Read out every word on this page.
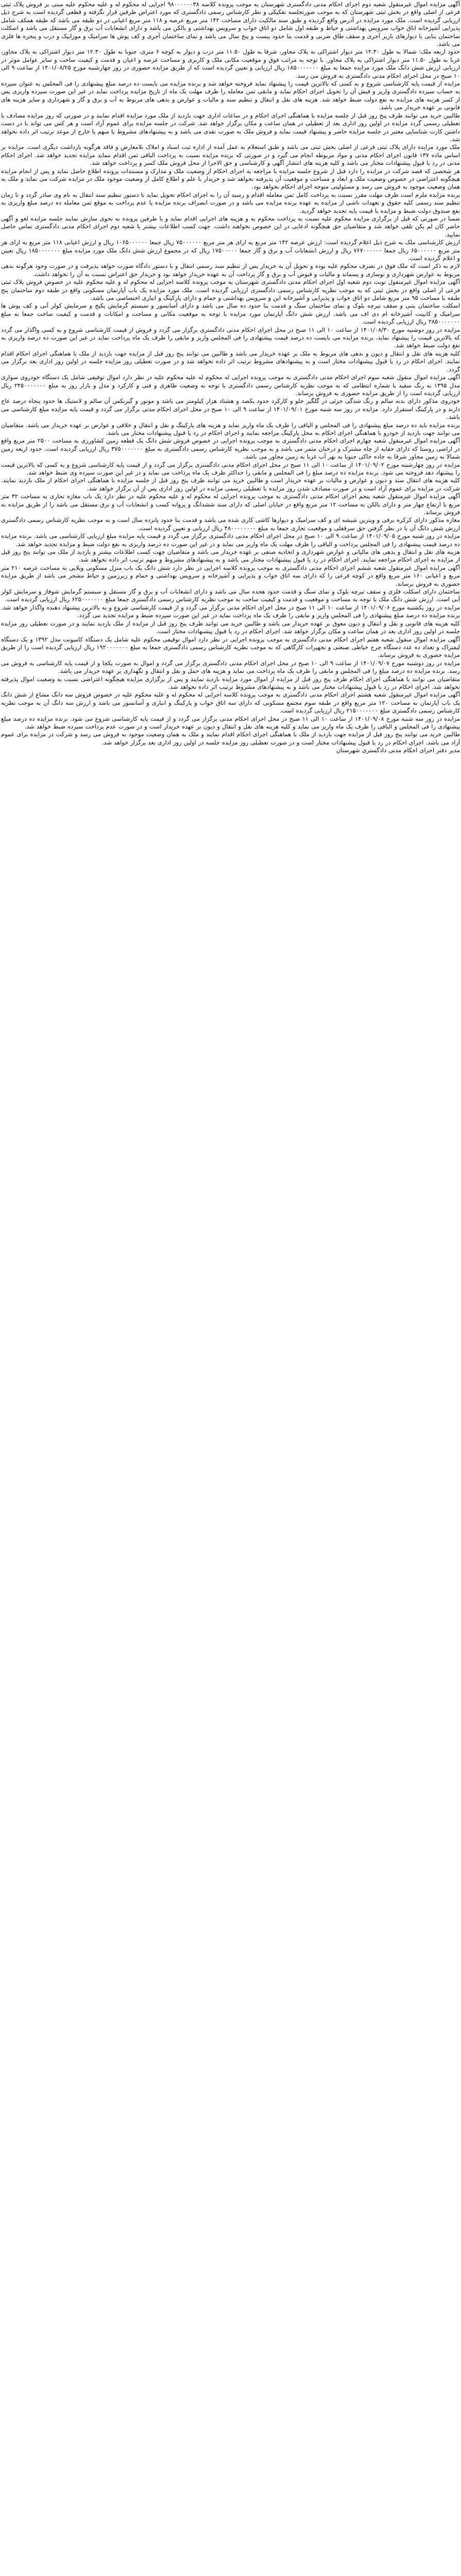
آگهی مزایده اموال غیرمنقول شعبه دوم اجرای احکام مدنی دادگستری شهرستان به موجب پرونده کلاسه ۹۸۰۰۰۰۰۰۳۸ اجرایی له محکوم له و علیه محکوم علیه مبنی بر فروش پلاک ثبتی فرعی از اصلی واقع در بخش ثبتی شهرستان که به موجب صورتجلسه تفکیکی و نظر کارشناس رسمی دادگستری که مورد اعتراض طرفین قرار نگرفته و قطعی گردیده است به شرح ذیل ارزیابی گردیده است. ملک مورد مزایده در آدرس واقع گردیده و طبق سند مالکیت دارای مساحت ۱۴۲ متر مربع عرصه و ۱۱۸ متر مربع اعیانی در دو طبقه می باشد که طبقه همکف شامل پذیرایی آشپزخانه اتاق خواب سرویس بهداشتی و حیاط و طبقه اول شامل دو اتاق خواب و سرویس بهداشتی و بالکن می باشد و دارای انشعابات آب برق و گاز مستقل می باشد و اسکلت ساختمان بنایی با دیوارهای باربر آجری و سقف طاق ضربی و قدمت بنا حدود بیست و پنج سال می باشد و نمای ساختمان آجری و کف پوش ها سرامیک و موزاییک و درب و پنجره ها فلزی می باشد.

حدود اربعه ملک: شمالا به طول ۱۲.۳۰ متر دیوار اشتراکی به پلاک مجاور، شرقا به طول ۱۱.۵۰ متر درب و دیوار به کوچه ۶ متری، جنوبا به طول ۱۲.۳۰ متر دیوار اشتراکی به پلاک مجاور، غربا به طول ۱۱.۵۰ متر دیوار اشتراکی به پلاک مجاور. با توجه به مراتب فوق و موقعیت مکانی ملک و کاربری و مساحت عرصه و اعیان و قدمت و کیفیت ساخت و سایر عوامل موثر در ارزیابی ارزش شش دانگ ملک مورد مزایده جمعا به مبلغ ۱۸۵۰۰۰۰۰۰۰ ریال ارزیابی و تعیین گردیده است که از طریق مزایده حضوری در روز چهارشنبه مورخ ۱۴۰۱/۰۸/۲۵ از ساعت ۹ الی ۱۰ صبح در محل اجرای احکام مدنی دادگستری به فروش می رسد.

مزایده از قیمت پایه کارشناسی شروع و به کسی که بالاترین قیمت را پیشنهاد نماید فروخته خواهد شد و برنده مزایده می بایست ده درصد مبلغ پیشنهادی را فی المجلس به عنوان سپرده به حساب سپرده دادگستری واریز و فیش آن را تحویل اجرای احکام نماید و مابقی ثمن معامله را ظرف مهلت یک ماه از تاریخ مزایده پرداخت نماید در غیر این صورت سپرده واریزی پس از کسر هزینه های مزایده به نفع دولت ضبط خواهد شد. هزینه های نقل و انتقال و تنظیم سند و مالیات و عوارض و بدهی های مربوط به آب و برق و گاز و شهرداری و سایر هزینه های قانونی بر عهده خریدار می باشد.

طالبین خرید می توانند ظرف پنج روز قبل از جلسه مزایده با هماهنگی اجرای احکام و در ساعات اداری جهت بازدید از ملک مورد مزایده اقدام نمایند و در صورتی که روز مزایده مصادف با تعطیلی رسمی گردد مزایده در اولین روز اداری بعد از تعطیلی در همان ساعت و مکان برگزار خواهد شد. شرکت در جلسه مزایده برای عموم آزاد است و هر کس می تواند با در دست داشتن کارت شناسایی معتبر در جلسه مزایده حاضر و پیشنهاد قیمت نماید و فروش ملک به صورت نقدی می باشد و به پیشنهادهای مشروط یا مبهم یا خارج از موعد ترتیب اثر داده نخواهد شد.

ملک مورد مزایده دارای پلاک ثبتی فرعی از اصلی بخش ثبتی می باشد و طبق استعلام به عمل آمده از اداره ثبت اسناد و املاک بلامعارض و فاقد هرگونه بازداشت دیگری است. مزایده بر اساس ماده ۱۳۷ قانون اجرای احکام مدنی و مواد مربوطه انجام می گیرد و در صورتی که برنده مزایده نسبت به پرداخت الباقی ثمن اقدام ننماید مزایده تجدید خواهد شد. اجرای احکام مدنی در رد یا قبول پیشنهادات مختار می باشد و کلیه هزینه های انتشار آگهی و کارشناسی و حق الاجرا از محل فروش ملک کسر و پرداخت خواهد شد.

هر شخصی که قصد شرکت در مزایده را دارد قبل از شروع جلسه مزایده با مراجعه به اجرای احکام از وضعیت ملک و مدارک و مستندات پرونده اطلاع حاصل نماید و پس از انجام مزایده هیچگونه اعتراضی در خصوص وضعیت ملک و ابعاد و مساحت و موقعیت آن پذیرفته نخواهد شد و خریدار با علم و اطلاع کامل از وضعیت موجود ملک در مزایده شرکت می نماید و ملک به همان وضعیت موجود به فروش می رسد و مسئولیتی متوجه اجرای احکام نخواهد بود.

برنده مزایده ملزم است ظرف مهلت مقرر نسبت به پرداخت کامل ثمن معامله اقدام و رسید آن را به اجرای احکام تحویل نماید تا دستور تنظیم سند انتقال به نام وی صادر گردد و تا زمان تنظیم سند رسمی کلیه حقوق و تعهدات ناشی از مزایده به عهده برنده مزایده می باشد و در صورت انصراف برنده مزایده یا عدم پرداخت به موقع ثمن معامله ده درصد مبلغ واریزی به نفع صندوق دولت ضبط و مزایده با قیمت پایه تجدید خواهد گردید.

ضمنا در صورتی که قبل از برگزاری مزایده محکوم علیه نسبت به پرداخت محکوم به و هزینه های اجرایی اقدام نماید و یا طرفین پرونده به نحوی سازش نمایند جلسه مزایده لغو و آگهی حاضر کان لم یکن تلقی خواهد شد و متقاضیان حق هیچگونه ادعایی در این خصوص نخواهند داشت. جهت کسب اطلاعات بیشتر با شعبه دوم اجرای احکام مدنی دادگستری تماس حاصل نمایید.

ارزش کارشناسی ملک به شرح ذیل اعلام گردیده است: ارزش عرصه ۱۴۲ متر مربع به ازای هر متر مربع ۷۵۰۰۰۰۰۰ ریال جمعا ۱۰۶۵۰۰۰۰۰۰ ریال و ارزش اعیانی ۱۱۸ متر مربع به ازای هر متر مربع ۶۵۰۰۰۰۰۰ ریال جمعا ۷۶۷۰۰۰۰۰۰ ریال و ارزش انشعابات آب و برق و گاز جمعا ۱۷۵۰۰۰۰۰ ریال که در مجموع ارزش شش دانگ ملک مورد مزایده مبلغ ۱۸۵۰۰۰۰۰۰۰ ریال تعیین و اعلام گردیده است.

لازم به ذکر است که ملک فوق در تصرف محکوم علیه بوده و تحویل آن به خریدار پس از تنظیم سند رسمی انتقال و با دستور دادگاه صورت خواهد پذیرفت و در صورت وجود هرگونه بدهی مربوط به عوارض شهرداری و نوسازی و پسماند و مالیات و قبوض آب و برق و گاز پرداخت آن به عهده خریدار خواهد بود و خریدار حق اعتراض نسبت به آن را نخواهد داشت.

آگهی مزایده اموال غیرمنقول نوبت دوم شعبه اول اجرای احکام مدنی دادگستری شهرستان به موجب پرونده کلاسه اجرایی له محکوم له و علیه محکوم علیه در خصوص فروش پلاک ثبتی فرعی از اصلی واقع در بخش ثبتی که به موجب نظریه کارشناس رسمی دادگستری ارزیابی گردیده است. ملک مورد مزایده یک باب آپارتمان مسکونی واقع در طبقه دوم ساختمان پنج طبقه با مساحت ۹۵ متر مربع شامل دو اتاق خواب و پذیرایی و آشپزخانه اپن و سرویس بهداشتی و حمام و دارای پارکینگ و انباری اختصاصی می باشد.

اسکلت ساختمان بتنی و سقف تیرچه بلوک و نمای ساختمان سنگ و قدمت بنا حدود ده سال می باشد و دارای آسانسور و سیستم گرمایش پکیج و سرمایش کولر آبی و کف پوش ها سرامیک و کابینت آشپزخانه ام دی اف می باشد. ارزش شش دانگ آپارتمان مورد مزایده با توجه به موقعیت مکانی و مساحت و امکانات و قدمت و کیفیت ساخت جمعا به مبلغ ۲۸۵۰۰۰۰۰۰۰ ریال ارزیابی گردیده است.

مزایده در روز دوشنبه مورخ ۱۴۰۱/۰۸/۳۰ از ساعت ۱۰ الی ۱۱ صبح در محل اجرای احکام مدنی دادگستری برگزار می گردد و فروش از قیمت کارشناسی شروع و به کسی واگذار می گردد که بالاترین قیمت را پیشنهاد نماید. برنده مزایده می بایست ده درصد قیمت پیشنهادی را فی المجلس واریز و مابقی را ظرف یک ماه پرداخت نماید در غیر این صورت ده درصد واریزی به نفع دولت ضبط خواهد شد.

کلیه هزینه های نقل و انتقال و دیون و بدهی های مربوط به ملک بر عهده خریدار می باشد و طالبین می توانند پنج روز قبل از مزایده جهت بازدید از ملک با هماهنگی اجرای احکام اقدام نمایند. اجرای احکام در رد یا قبول پیشنهادات مختار است و به پیشنهادهای مشروط ترتیب اثر داده نخواهد شد و در صورت تعطیلی روز مزایده جلسه در اولین روز اداری بعد برگزار می گردد.

آگهی مزایده اموال منقول شعبه سوم اجرای احکام مدنی دادگستری به موجب پرونده اجرایی له محکوم له علیه محکوم علیه در نظر دارد اموال توقیفی شامل یک دستگاه خودروی سواری مدل ۱۳۹۵ به رنگ سفید با شماره انتظامی که به موجب نظریه کارشناس رسمی دادگستری با توجه به وضعیت ظاهری و فنی و کارکرد و مدل و بازار روز به مبلغ ۲۴۵۰۰۰۰۰۰۰ ریال ارزیابی گردیده است را از طریق مزایده حضوری به فروش برساند.

خودروی مذکور دارای بدنه سالم و رنگ شدگی جزئی در گلگیر جلو و کارکرد حدود یکصد و هشتاد هزار کیلومتر می باشد و موتور و گیربکس آن سالم و لاستیک ها حدود پنجاه درصد عاج دارند و در پارکینگ استقرار دارد. مزایده در روز سه شنبه مورخ ۱۴۰۱/۰۹/۰۱ از ساعت ۹ الی ۱۰ صبح در محل اجرای احکام مدنی برگزار می گردد و قیمت پایه مزایده مبلغ کارشناسی می باشد.

برنده مزایده باید ده درصد مبلغ پیشنهادی را فی المجلس و الباقی را ظرف یک ماه واریز نماید و هزینه های پارکینگ و نقل و انتقال و خلافی و عوارض بر عهده خریدار می باشد. متقاضیان می توانند جهت بازدید از خودرو با هماهنگی اجرای احکام به محل پارکینگ مراجعه نمایند و اجرای احکام در رد یا قبول پیشنهادات مختار می باشد.

آگهی مزایده اموال غیرمنقول شعبه چهارم اجرای احکام مدنی دادگستری به موجب پرونده اجرایی در خصوص فروش شش دانگ یک قطعه زمین کشاورزی به مساحت ۲۵۰۰ متر مربع واقع در اراضی روستا که دارای حقابه از چاه مشترک و درختان مثمر می باشد و به موجب نظریه کارشناس رسمی دادگستری به مبلغ ۳۷۵۰۰۰۰۰۰۰ ریال ارزیابی گردیده است. حدود اربعه زمین شمالا به زمین مجاور شرقا به جاده خاکی جنوبا به نهر آب غربا به زمین مجاور می باشد.

مزایده در روز چهارشنبه مورخ ۱۴۰۱/۰۹/۰۲ از ساعت ۱۰ الی ۱۱ صبح در محل اجرای احکام مدنی دادگستری برگزار می گردد و از قیمت پایه کارشناسی شروع و به کسی که بالاترین قیمت را پیشنهاد دهد فروخته می شود. برنده مزایده ده درصد مبلغ را فی المجلس و مابقی را حداکثر ظرف یک ماه پرداخت می نماید و در غیر این صورت سپرده وی ضبط خواهد شد.

کلیه هزینه های انتقال سند و دیون و عوارض و مالیات بر عهده خریدار است و طالبین خرید می توانند ظرف پنج روز قبل از جلسه مزایده با هماهنگی اجرای احکام از ملک بازدید نمایند. شرکت در مزایده برای عموم آزاد است و در صورت مصادف شدن روز مزایده با تعطیلی رسمی مزایده در اولین روز اداری پس از آن برگزار خواهد شد.

آگهی مزایده اموال غیرمنقول شعبه پنجم اجرای احکام مدنی دادگستری به موجب پرونده اجرایی له محکوم له و علیه محکوم علیه در نظر دارد یک باب مغازه تجاری به مساحت ۳۲ متر مربع با ارتفاع چهار متر و دارای بالکن به مساحت ۱۲ متر مربع واقع در خیابان اصلی که دارای سند ششدانگ و پروانه کسب و انشعابات آب و برق مستقل می باشد را از طریق مزایده به فروش برساند.

مغازه مذکور دارای کرکره برقی و ویترین شیشه ای و کف سرامیک و دیوارها کاشی کاری شده می باشد و قدمت بنا حدود پانزده سال است و به موجب نظریه کارشناس رسمی دادگستری ارزش شش دانگ آن با در نظر گرفتن حق سرقفلی و موقعیت تجاری جمعا به مبلغ ۴۸۰۰۰۰۰۰۰۰ ریال ارزیابی و تعیین گردیده است.

مزایده در روز شنبه مورخ ۱۴۰۱/۰۹/۰۵ از ساعت ۹ الی ۱۰ صبح در محل اجرای احکام مدنی دادگستری برگزار می گردد و قیمت پایه مزایده مبلغ ارزیابی کارشناسی می باشد. برنده مزایده ده درصد قیمت پیشنهادی را فی المجلس پرداخت و الباقی را ظرف مهلت یک ماه واریز می نماید و در غیر این صورت ده درصد واریزی به نفع دولت ضبط و مزایده تجدید خواهد شد.

هزینه های نقل و انتقال و بدهی های مالیاتی و عوارض شهرداری و اتحادیه صنفی بر عهده خریدار می باشد و متقاضیان جهت کسب اطلاعات بیشتر و بازدید از ملک می توانند پنج روز قبل از مزایده به اجرای احکام مراجعه نمایند. اجرای احکام در رد یا قبول پیشنهادات مختار می باشد و به پیشنهادهای مشروط و مبهم ترتیب اثر داده نخواهد شد.

آگهی مزایده اموال غیرمنقول شعبه ششم اجرای احکام مدنی دادگستری به موجب پرونده کلاسه اجرایی در نظر دارد شش دانگ یک باب منزل مسکونی ویلایی به مساحت عرصه ۲۱۰ متر مربع و اعیانی ۱۶۰ متر مربع واقع در کوچه فرعی را که دارای سه اتاق خواب و پذیرایی و آشپزخانه و سرویس بهداشتی و حمام و زیرزمین و حیاط مشجر می باشد از طریق مزایده حضوری به فروش برساند.

ساختمان دارای اسکلت فلزی و سقف تیرچه بلوک و نمای سنگ و قدمت حدود هجده سال می باشد و دارای انشعابات آب و برق و گاز مستقل و سیستم گرمایش شوفاژ و سرمایش کولر آبی است. ارزش شش دانگ ملک با توجه به مساحت و موقعیت و قدمت و کیفیت ساخت به موجب نظریه کارشناس رسمی دادگستری جمعا مبلغ ۶۲۵۰۰۰۰۰۰۰ ریال ارزیابی گردیده است.

مزایده در روز یکشنبه مورخ ۱۴۰۱/۰۹/۰۶ از ساعت ۱۰ الی ۱۱ صبح در محل اجرای احکام مدنی برگزار می گردد و از قیمت کارشناسی شروع و به بالاترین پیشنهاد دهنده واگذار خواهد شد. برنده مزایده ده درصد مبلغ پیشنهادی را فی المجلس واریز و مابقی را ظرف یک ماه پرداخت نماید در غیر این صورت سپرده ضبط و مزایده تجدید می گردد.

کلیه هزینه های قانونی و نقل و انتقال و دیون معوق بر عهده خریدار می باشد و طالبین خرید می توانند ظرف پنج روز قبل از مزایده از ملک بازدید نمایند و در صورت تعطیلی روز مزایده جلسه در اولین روز اداری بعد در همان ساعت و مکان برگزار خواهد شد. اجرای احکام در رد یا قبول پیشنهادات مختار است.

آگهی مزایده اموال منقول شعبه هفتم اجرای احکام مدنی دادگستری به موجب پرونده اجرایی در نظر دارد اموال توقیفی محکوم علیه شامل یک دستگاه کامیونت مدل ۱۳۹۲ و یک دستگاه لیفتراک و تعداد ده عدد دستگاه چرخ خیاطی صنعتی و تجهیزات کارگاهی که به موجب نظریه کارشناس رسمی دادگستری جمعا به مبلغ ۱۹۲۰۰۰۰۰۰۰ ریال ارزیابی گردیده است را از طریق مزایده حضوری به فروش برساند.

مزایده در روز دوشنبه مورخ ۱۴۰۱/۰۹/۰۷ از ساعت ۹ الی ۱۰ صبح در محل اجرای احکام مدنی دادگستری برگزار می گردد و اموال به صورت یکجا و از قیمت پایه کارشناسی به فروش می رسد. برنده مزایده ده درصد مبلغ را فی المجلس و مابقی را ظرف یک ماه پرداخت می نماید و هزینه های حمل و نقل و انتقال و نگهداری بر عهده خریدار می باشد.

متقاضیان می توانند با هماهنگی اجرای احکام ظرف پنج روز قبل از مزایده از اموال مورد مزایده بازدید نمایند و پس از برگزاری مزایده هیچگونه اعتراضی نسبت به وضعیت اموال پذیرفته نخواهد شد. اجرای احکام در رد یا قبول پیشنهادات مختار می باشد و به پیشنهادهای مشروط ترتیب اثر داده نخواهد شد.

آگهی مزایده اموال غیرمنقول شعبه هشتم اجرای احکام مدنی دادگستری به موجب پرونده کلاسه اجرایی له محکوم له و علیه محکوم علیه در خصوص فروش سه دانگ مشاع از شش دانگ یک باب آپارتمان به مساحت ۱۲۰ متر مربع واقع در طبقه سوم مجتمع مسکونی که دارای سه اتاق خواب و پارکینگ و انباری و آسانسور می باشد و ارزش سه دانگ آن به موجب نظریه کارشناس رسمی دادگستری مبلغ ۲۱۵۰۰۰۰۰۰۰ ریال ارزیابی گردیده است.

مزایده در روز سه شنبه مورخ ۱۴۰۱/۰۹/۰۸ از ساعت ۱۰ الی ۱۱ صبح در محل اجرای احکام مدنی برگزار می گردد و از قیمت پایه کارشناسی شروع می شود. برنده مزایده ده درصد مبلغ پیشنهادی را فی المجلس و الباقی را ظرف یک ماه واریز می نماید و کلیه هزینه های نقل و انتقال و دیون بر عهده خریدار است و در صورت عدم پرداخت سپرده ضبط خواهد شد.

طالبین خرید می توانند پنج روز قبل از مزایده جهت بازدید از ملک با هماهنگی اجرای احکام اقدام نمایند و ملک به همان وضعیت موجود به فروش می رسد و شرکت در مزایده برای عموم آزاد می باشد. اجرای احکام در رد یا قبول پیشنهادات مختار است و در صورت تعطیلی روز مزایده جلسه در اولین روز اداری بعد برگزار خواهد شد.

مدیر دفتر اجرای احکام مدنی دادگستری شهرستان
